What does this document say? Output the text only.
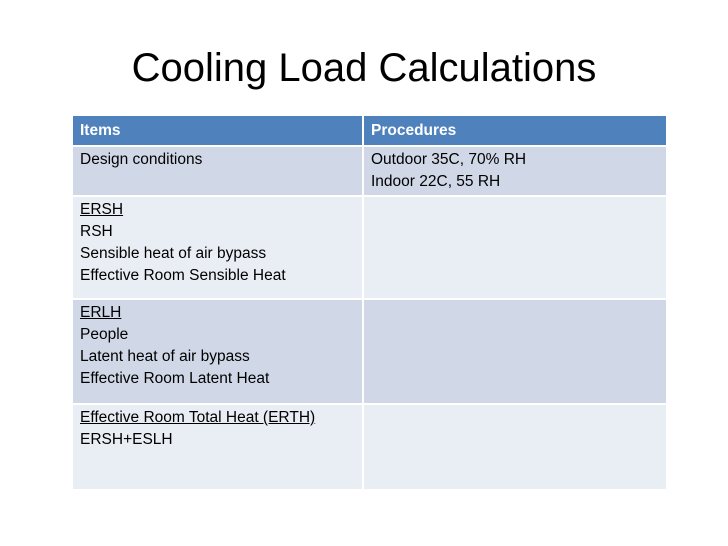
Cooling Load Calculations
Items	Procedures

Design conditions	Outdoor 35C, 70% RH
Indoor 22C, 55 RH

ERSH
RSH
Sensible heat of air bypass
Effective Room Sensible Heat	

ERLH
People
Latent heat of air bypass
Effective Room Latent Heat	

Effective Room Total Heat (ERTH)
ERSH+ESLH	
